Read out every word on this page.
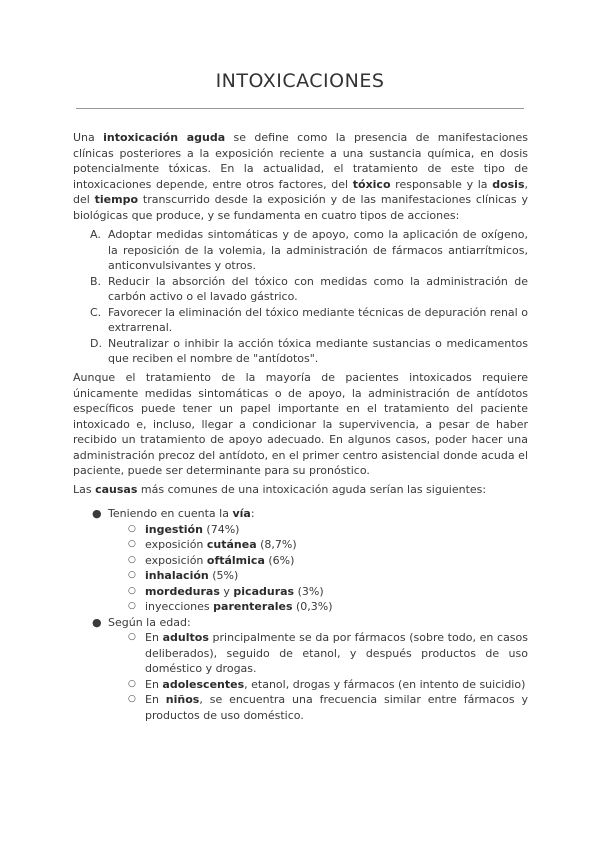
INTOXICACIONES

Una intoxicación aguda se define como la presencia de manifestaciones clínicas posteriores a la exposición reciente a una sustancia química, en dosis potencialmente tóxicas. En la actualidad, el tratamiento de este tipo de intoxicaciones depende, entre otros factores, del tóxico responsable y la dosis, del tiempo transcurrido desde la exposición y de las manifestaciones clínicas y biológicas que produce, y se fundamenta en cuatro tipos de acciones:

A. Adoptar medidas sintomáticas y de apoyo, como la aplicación de oxígeno, la reposición de la volemia, la administración de fármacos antiarrítmicos, anticonvulsivantes y otros.
B. Reducir la absorción del tóxico con medidas como la administración de carbón activo o el lavado gástrico.
C. Favorecer la eliminación del tóxico mediante técnicas de depuración renal o extrarrenal.
D. Neutralizar o inhibir la acción tóxica mediante sustancias o medicamentos que reciben el nombre de "antídotos".

Aunque el tratamiento de la mayoría de pacientes intoxicados requiere únicamente medidas sintomáticas o de apoyo, la administración de antídotos específicos puede tener un papel importante en el tratamiento del paciente intoxicado e, incluso, llegar a condicionar la supervivencia, a pesar de haber recibido un tratamiento de apoyo adecuado. En algunos casos, poder hacer una administración precoz del antídoto, en el primer centro asistencial donde acuda el paciente, puede ser determinante para su pronóstico.

Las causas más comunes de una intoxicación aguda serían las siguientes:

● Teniendo en cuenta la vía:
○ ingestión (74%)
○ exposición cutánea (8,7%)
○ exposición oftálmica (6%)
○ inhalación (5%)
○ mordeduras y picaduras (3%)
○ inyecciones parenterales (0,3%)
● Según la edad:
○ En adultos principalmente se da por fármacos (sobre todo, en casos deliberados), seguido de etanol, y después productos de uso doméstico y drogas.
○ En adolescentes, etanol, drogas y fármacos (en intento de suicidio)
○ En niños, se encuentra una frecuencia similar entre fármacos y productos de uso doméstico.
